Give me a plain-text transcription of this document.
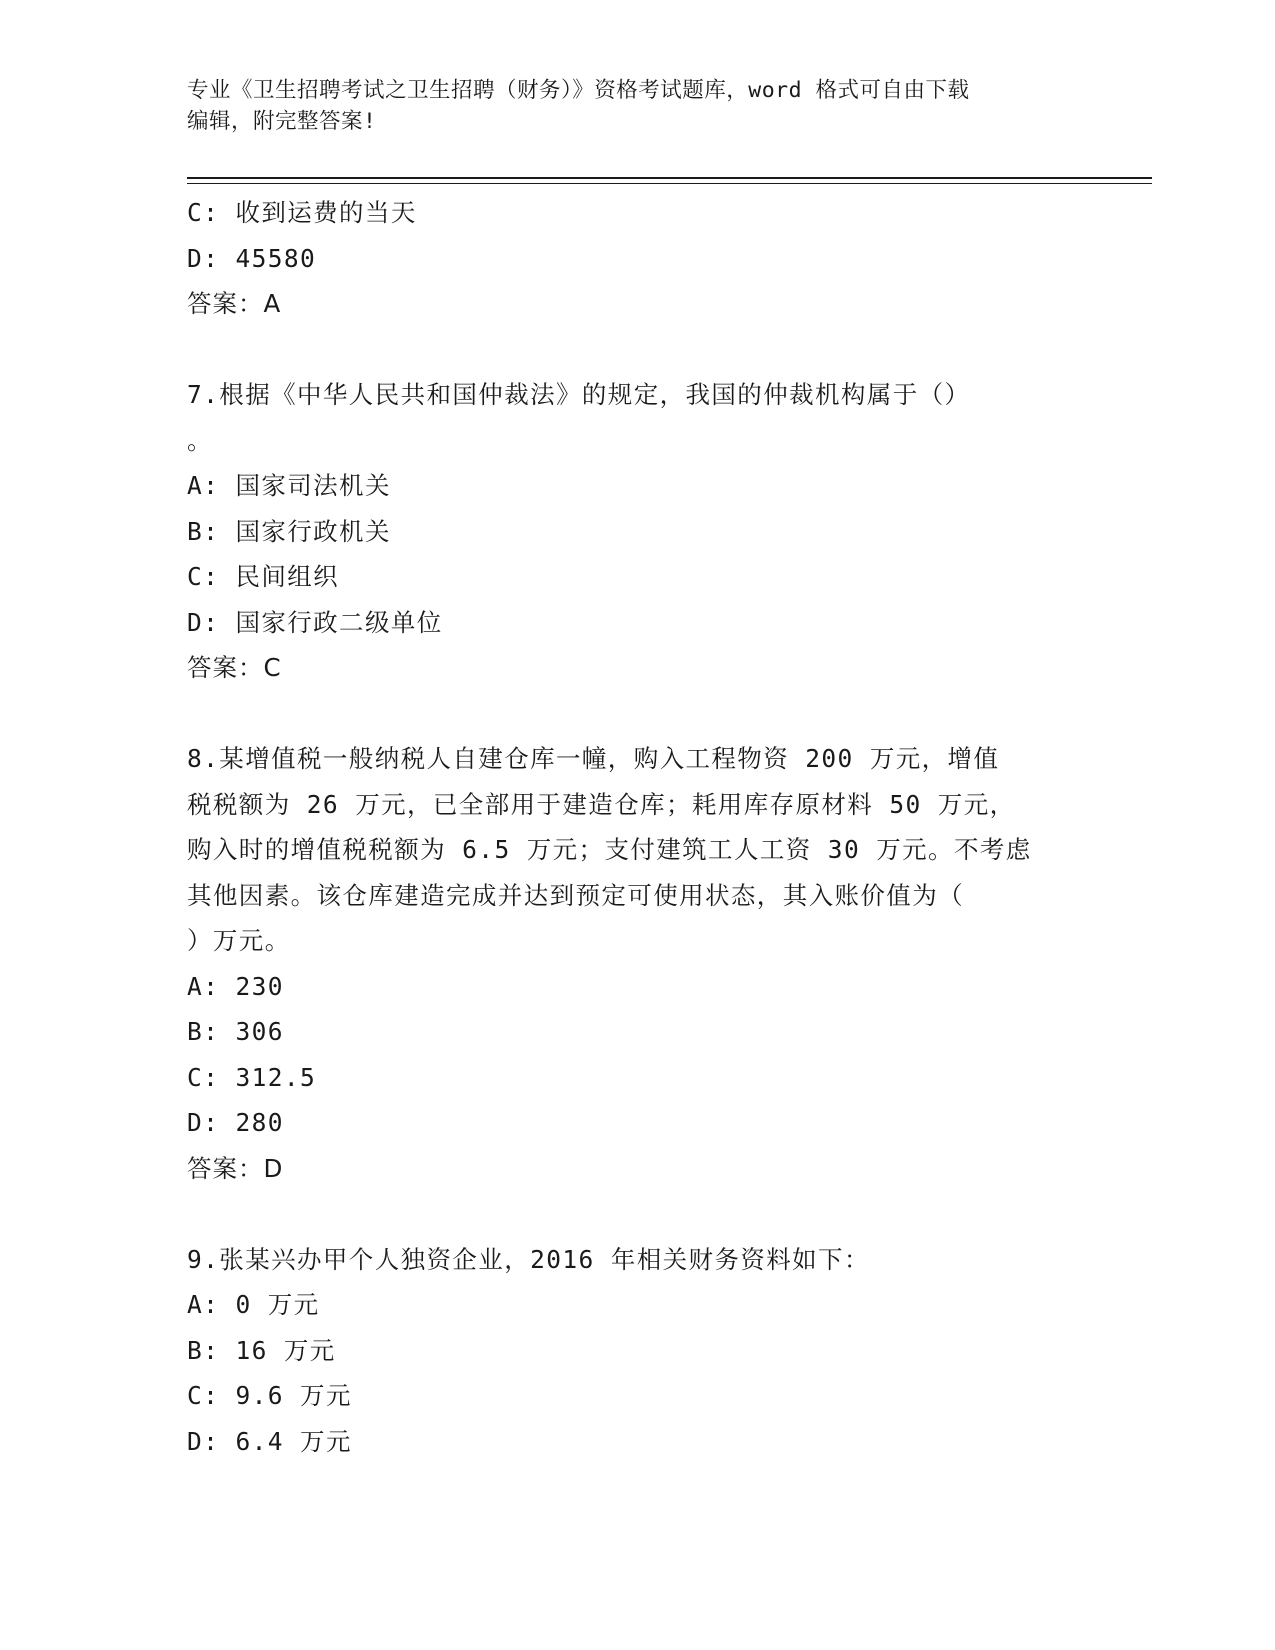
专业《卫生招聘考试之卫生招聘（财务）》资格考试题库，word 格式可自由下载
编辑，附完整答案!
C: 收到运费的当天
D: 45580
答案：A
7.根据《中华人民共和国仲裁法》的规定，我国的仲裁机构属于（）
。
A: 国家司法机关
B: 国家行政机关
C: 民间组织
D: 国家行政二级单位
答案：C
8.某增值税一般纳税人自建仓库一幢，购入工程物资 200 万元，增值
税税额为 26 万元，已全部用于建造仓库；耗用库存原材料 50 万元，
购入时的增值税税额为 6.5 万元；支付建筑工人工资 30 万元。不考虑
其他因素。该仓库建造完成并达到预定可使用状态，其入账价值为（
）万元。
A: 230
B: 306
C: 312.5
D: 280
答案：D
9.张某兴办甲个人独资企业，2016 年相关财务资料如下：
A: 0 万元
B: 16 万元
C: 9.6 万元
D: 6.4 万元
